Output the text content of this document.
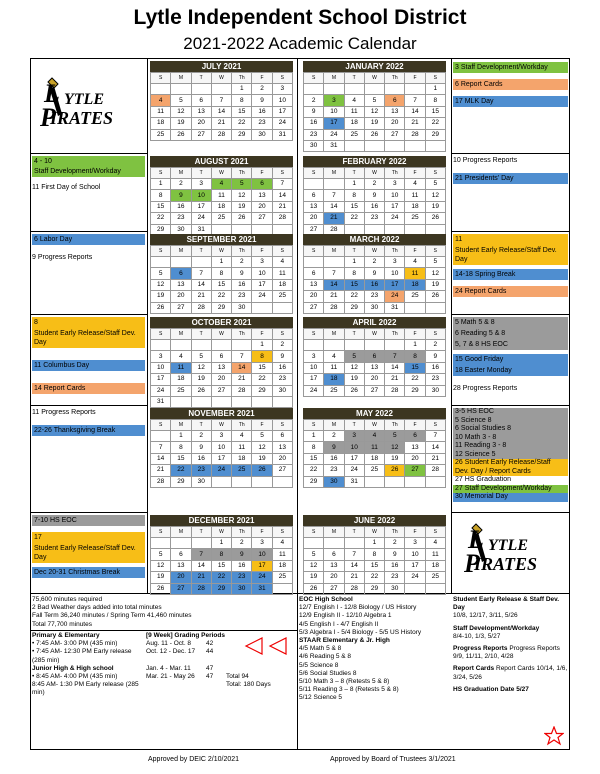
Lytle Independent School District
2021-2022 Academic Calendar
JULY 2021
S	M	T	W	Th	F	S
				1	2	3
4	5	6	7	8	9	10
11	12	13	14	15	16	17
18	19	20	21	22	23	24
25	26	27	28	29	30	31
JANUARY 2022
S	M	T	W	Th	F	S
						1
2	3	4	5	6	7	8
9	10	11	12	13	14	15
16	17	18	19	20	21	22
23	24	25	26	27	28	29
30	31					
AUGUST 2021
S	M	T	W	Th	F	S
1	2	3	4	5	6	7
8	9	10	11	12	13	14
15	16	17	18	19	20	21
22	23	24	25	26	27	28
29	30	31				
FEBRUARY 2022
S	M	T	W	Th	F	S
		1	2	3	4	5
6	7	8	9	10	11	12
13	14	15	16	17	18	19
20	21	22	23	24	25	26
27	28					
SEPTEMBER 2021
S	M	T	W	Th	F	S
			1	2	3	4
5	6	7	8	9	10	11
12	13	14	15	16	17	18
19	20	21	22	23	24	25
26	27	28	29	30		
MARCH 2022
S	M	T	W	Th	F	S
		1	2	3	4	5
6	7	8	9	10	11	12
13	14	15	16	17	18	19
20	21	22	23	24	25	26
27	28	29	30	31		
OCTOBER 2021
S	M	T	W	Th	F	S
					1	2
3	4	5	6	7	8	9
10	11	12	13	14	15	16
17	18	19	20	21	22	23
24	25	26	27	28	29	30
31						
APRIL 2022
S	M	T	W	Th	F	S
					1	2
3	4	5	6	7	8	9
10	11	12	13	14	15	16
17	18	19	20	21	22	23
24	25	26	27	28	29	30
NOVEMBER 2021
S	M	T	W	Th	F	S
	1	2	3	4	5	6
7	8	9	10	11	12	13
14	15	16	17	18	19	20
21	22	23	24	25	26	27
28	29	30				
MAY 2022
S	M	T	W	Th	F	S
1	2	3	4	5	6	7
8	9	10	11	12	13	14
15	16	17	18	19	20	21
22	23	24	25	26	27	28
29	30	31				
DECEMBER 2021
S	M	T	W	Th	F	S
			1	2	3	4
5	6	7	8	9	10	11
12	13	14	15	16	17	18
19	20	21	22	23	24	25
26	27	28	29	30	31	
JUNE 2022
S	M	T	W	Th	F	S
			1	2	3	4
5	6	7	8	9	10	11
12	13	14	15	16	17	18
19	20	21	22	23	24	25
26	27	28	29	30		
YTLE
L
IRATES
P
YTLE
L
IRATES
P
4 - 10
Staff Development/Workday
11 First Day of School
6 Labor Day
9 Progress Reports
8
Student Early Release/Staff Dev. Day
11 Columbus Day
14 Report Cards
11 Progress Reports
22-26 Thanksgiving Break
7-10 HS EOC
17
Student Early Release/Staff Dev. Day
Dec 20-31 Christmas Break
3 Staff Development/Workday
6 Report Cards
17 MLK Day
10 Progress Reports
21 Presidents' Day
11
Student Early Release/Staff Dev. Day
14-18 Spring Break
24 Report Cards
5 Math 5 & 8
6 Reading 5 & 8
5, 7 & 8 HS EOC
15 Good Friday
18 Easter Monday
28 Progress Reports
3-5 HS EOC
5 Science 8
6 Social Studies 8
10 Math 3 - 8
11 Reading 3 - 8
12 Science 5
26 Student Early Release/Staff Dev. Day / Report Cards
27 HS Graduation
27 Staff Development/Workday
30 Memorial Day
75,600 minutes required
2 Bad Weather days added into total minutes
Fall Term 36,240 minutes / Spring Term 41,460 minutes
Total 77,700 minutes
Primary & Elementary
• 7:45 AM- 3:00 PM (435 min)
• 7:45 AM- 12:30 PM Early release (285 min)
Junior High & High school
• 8:45 AM- 4:00 PM (435 min)
8:45 AM- 1:30 PM Early release (285 min)
[9 Week] Grading Periods
Aug. 11 - Oct. 8 42
Oct. 12 - Dec. 17 44

Jan. 4 - Mar. 11 47
Mar. 21 - May 26 47 Total 94
Total: 180 Days
EOC High School
12/7 English I - 12/8 Biology / US History
12/9 English II - 12/10 Algebra 1
4/5 English I - 4/7 English II
5/3 Algebra I - 5/4 Biology - 5/5 US History
STAAR Elementary & Jr. High
4/5 Math 5 & 8
4/6 Reading 5 & 8
5/5 Science 8
5/6 Social Studies 8
5/10 Math 3 – 8 (Retests 5 & 8)
5/11 Reading 3 – 8 (Retests 5 & 8)
5/12 Science 5
Student Early Release & Staff Dev. Day
10/8, 12/17, 3/11, 5/26
Staff Development/Workday
8/4-10, 1/3, 5/27
Progress Reports Progress Reports 9/9, 11/11, 2/10, 4/28
Report Cards Report Cards 10/14, 1/6, 3/24, 5/26
HS Graduation Date 5/27
Approved by DEIC 2/10/2021	Approved by Board of Trustees 3/1/2021
